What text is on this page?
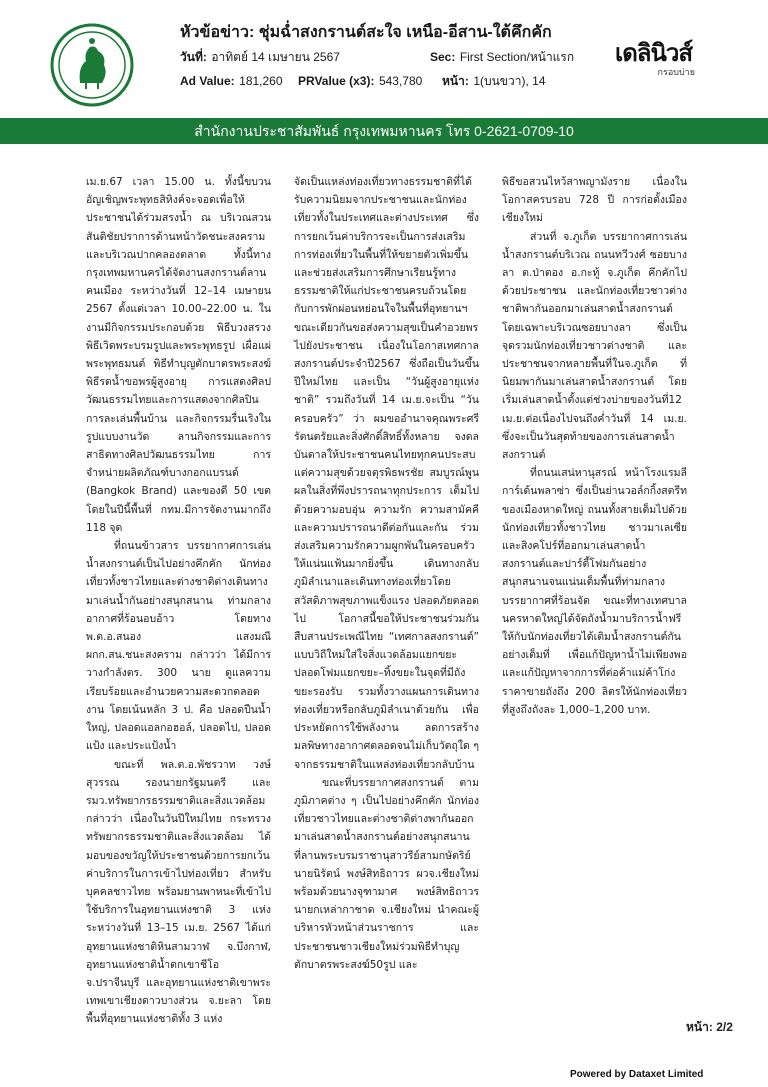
หัวข้อข่าว: ชุ่มฉ่ำสงกรานต์สะใจ เหนือ-อีสาน-ใต้คึกคัก
วันที่: อาทิตย์ 14 เมษายน 2567	Sec: First Section/หน้าแรก
Ad Value: 181,260 PRValue (x3): 543,780 หน้า: 1(บนขวา), 14
เดลินิวส์
กรอบบ่าย
สำนักงานประชาสัมพันธ์ กรุงเทพมหานคร โทร 0-2621-0709-10

เม.ย.67 เวลา 15.00 น. ทั้งนี้ขบวนอัญเชิญพระพุทธสิหิงค์จะจอดเพื่อให้ประชาชนได้ร่วมสรงน้ำ ณ บริเวณสวนสันติชัยปราการด้านหน้าวัดชนะสงคราม และบริเวณปากคลองตลาด ทั้งนี้ทางกรุงเทพมหานครได้จัดงานสงกรานต์ลานคนเมือง ระหว่างวันที่ 12–14 เมษายน 2567 ตั้งแต่เวลา 10.00–22.00 น. ในงานมีกิจกรรมประกอบด้วย พิธีบวงสรวง พิธีเวิดพระบรมรูปและพระพุทธรูป เผื่อแผ่ พระพุทธมนต์ พิธีทำบุญตักบาตรพระสงฆ์ พิธีรดน้ำขอพรผู้สูงอายุ การแสดงศิลปวัฒนธรรมไทยและการแสดงจากศิลปินการละเล่นพื้นบ้าน และกิจกรรมรื่นเริงในรูปแบบงานวัด ลานกิจกรรมและการสาธิตทางศิลปวัฒนธรรมไทย การจำหน่ายผลิตภัณฑ์บางกอกแบรนด์ (Bangkok Brand) และของดี 50 เขต โดยในปีนี้พื้นที่ กทม.มีการจัดงานมากถึง 118 จุด

ที่ถนนข้าวสาร บรรยากาศการเล่นน้ำสงกรานต์เป็นไปอย่างคึกคัก นักท่องเที่ยวทั้งชาวไทยและต่างชาติต่างเดินทางมาเล่นน้ำกันอย่างสนุกสนาน ท่ามกลางอากาศที่ร้อนอบอ้าว โดยทาง พ.ต.อ.สนอง แสงมณี ผกก.สน.ชนะสงคราม กล่าวว่า ได้มีการวางกำลังตร. 300 นาย ดูแลความเรียบร้อยและอำนวยความสะดวกตลอดงาน โดยเน้นหลัก 3 ป. คือ ปลอดปืนน้ำใหญ่, ปลอดแอลกอฮอล์, ปลอดไป, ปลอดแป้ง และประแป้งน้ำ

ขณะที่ พล.ต.อ.พัชรวาท วงษ์สุวรรณ รองนายกรัฐมนตรี และรมว.ทรัพยากรธรรมชาติและสิ่งแวดล้อม กล่าวว่า เนื่องในวันปีใหม่ไทย กระทรวงทรัพยากรธรรมชาติและสิ่งแวดล้อม ได้มอบของขวัญให้ประชาชนด้วยการยกเว้นค่าบริการในการเข้าไปท่องเที่ยว สำหรับบุคคลชาวไทย พร้อมยานพาหนะที่เข้าไปใช้บริการในอุทยานแห่งชาติ 3 แห่ง ระหว่างวันที่ 13–15 เม.ย. 2567 ได้แก่ อุทยานแห่งชาติหินสามวาฬ จ.บึงกาฬ, อุทยานแห่งชาติน้ำตกเขาชีโอ จ.ปราจีนบุรี และอุทยานแห่งชาติเขาพระเทพเขาเชียงดาวบางส่วน จ.ยะลา โดยพื้นที่อุทยานแห่งชาติทั้ง 3 แห่ง

จัดเป็นแหล่งท่องเที่ยวทางธรรมชาติที่ได้รับความนิยมจากประชาชนและนักท่องเที่ยวทั้งในประเทศและต่างประเทศ ซึ่งการยกเว้นค่าบริการจะเป็นการส่งเสริมการท่องเที่ยวในพื้นที่ให้ขยายตัวเพิ่มขึ้น และช่วยส่งเสริมการศึกษาเรียนรู้ทางธรรมชาติให้แก่ประชาชนครบถ้วนโดยกับการพักผ่อนหย่อนใจในพื้นที่อุทยานฯ ขณะเดียวกันขอส่งความสุขเป็นคำอวยพรไปยังประชาชน เนื่องในโอกาสเทศกาลสงกรานต์ประจำปี2567 ซึ่งถือเป็นวันขึ้นปีใหม่ไทย และเป็น “วันผู้สูงอายุแห่งชาติ” รวมถึงวันที่ 14 เม.ย.จะเป็น “วันครอบครัว” ว่า ผมขออำนาจคุณพระศรีรัตนตรัยและสิ่งศักดิ์สิทธิ์ทั้งหลาย จงดลบันดาลให้ประชาชนคนไทยทุกคนประสบแต่ความสุขด้วยจตุรพิธพรชัย สมบูรณ์พูนผลในสิ่งที่พึงปรารถนาทุกประการ เต็มไปด้วยความอบอุ่น ความรัก ความสามัคคีและความปรารถนาดีต่อกันและกัน ร่วมส่งเสริมความรักความผูกพันในครอบครัวให้แน่นแฟ้นมากยิ่งขึ้น เดินทางกลับภูมิลำเนาและเดินทางท่องเที่ยวโดยสวัสดิภาพสุขภาพแข็งแรง ปลอดภัยตลอดไป โอกาสนี้ขอให้ประชาชนร่วมกันสืบสานประเพณีไทย “เทศกาลสงกรานต์” แบบวิถีใหม่ใส่ใจสิ่งแวดล้อมแยกขยะ ปลอดโฟมแยกขยะ–ทิ้งขยะในจุดที่มีถังขยะรองรับ รวมทั้งวางแผนการเดินทางท่องเที่ยวหรือกลับภูมิลำเนาด้วยกัน เพื่อประหยัดการใช้พลังงาน ลดการสร้างมลพิษทางอากาศตลอดจนไม่เก็บวัตถุใด ๆ จากธรรมชาติในแหล่งท่องเที่ยวกลับบ้าน

ขณะที่บรรยากาศสงกรานต์ ตามภูมิภาคต่าง ๆ เป็นไปอย่างคึกคัก นักท่องเที่ยวชาวไทยและต่างชาติต่างพากันออกมาเล่นสาดน้ำสงกรานต์อย่างสนุกสนาน ที่ลานพระบรมราชานุสาวรีย์สามกษัตริย์ นายนิรัตน์ พงษ์สิทธิถาวร ผวจ.เชียงใหม่ พร้อมด้วยนางจุฑามาศ พงษ์สิทธิถาวร นายกเหล่ากาชาด จ.เชียงใหม่ นำคณะผู้บริหารหัวหน้าส่วนราชการ และประชาชนชาวเชียงใหม่ร่วมพิธีทำบุญตักบาตรพระสงฆ์50รูป และ

พิธีขอสวนไหว้สาพญามังราย เนื่องในโอกาสครบรอบ 728 ปี การก่อตั้งเมืองเชียงใหม่

ส่วนที่ จ.ภูเก็ต บรรยากาศการเล่นน้ำสงกรานต์บริเวณ ถนนทวีวงศ์ ซอยบางลา ต.ป่าตอง อ.กะทู้ จ.ภูเก็ต คึกคักไปด้วยประชาชน และนักท่องเที่ยวชาวต่างชาติพากันออกมาเล่นสาดน้ำสงกรานต์ โดยเฉพาะบริเวณซอยบางลา ซึ่งเป็นจุดรวมนักท่องเที่ยวชาวต่างชาติ และประชาชนจากหลายพื้นที่ในจ.ภูเก็ต ที่นิยมพากันมาเล่นสาดน้ำสงกรานต์ โดยเริ่มเล่นสาดน้ำตั้งแต่ช่วงบ่ายของวันที่12 เม.ย.ต่อเนื่องไปจนถึงค่ำวันที่ 14 เม.ย. ซึ่งจะเป็นวันสุดท้ายของการเล่นสาดน้ำสงกรานต์

ที่ถนนเสน่หานุสรณ์ หน้าโรงแรมลีการ์เด้นพลาซ่า ซึ่งเป็นย่านวอล์กกิ้งสตรีทของเมืองหาดใหญ่ ถนนทั้งสายเต็มไปด้วยนักท่องเที่ยวทั้งชาวไทย ชาวมาเลเซีย และสิงคโปร์ที่ออกมาเล่นสาดน้ำสงกรานต์และปาร์ตี้โฟมกันอย่างสนุกสนานจนแน่นเต็มพื้นที่ท่ามกลางบรรยากาศที่ร้อนจัด ขณะที่ทางเทศบาลนครหาดใหญ่ได้จัดถังน้ำมาบริการน้ำฟรีให้กับนักท่องเที่ยวได้เติมน้ำสงกรานต์กันอย่างเต็มที่ เพื่อแก้ปัญหาน้ำไม่เพียงพอและแก้ปัญหาจากการที่ต่อค้าแม่ค้าโก่งราคาขายถังถึง 200 ลิตรให้นักท่องเที่ยวที่สูงถึงถังละ 1,000–1,200 บาท.

หน้า: 2/2
Powered by Dataxet Limited
